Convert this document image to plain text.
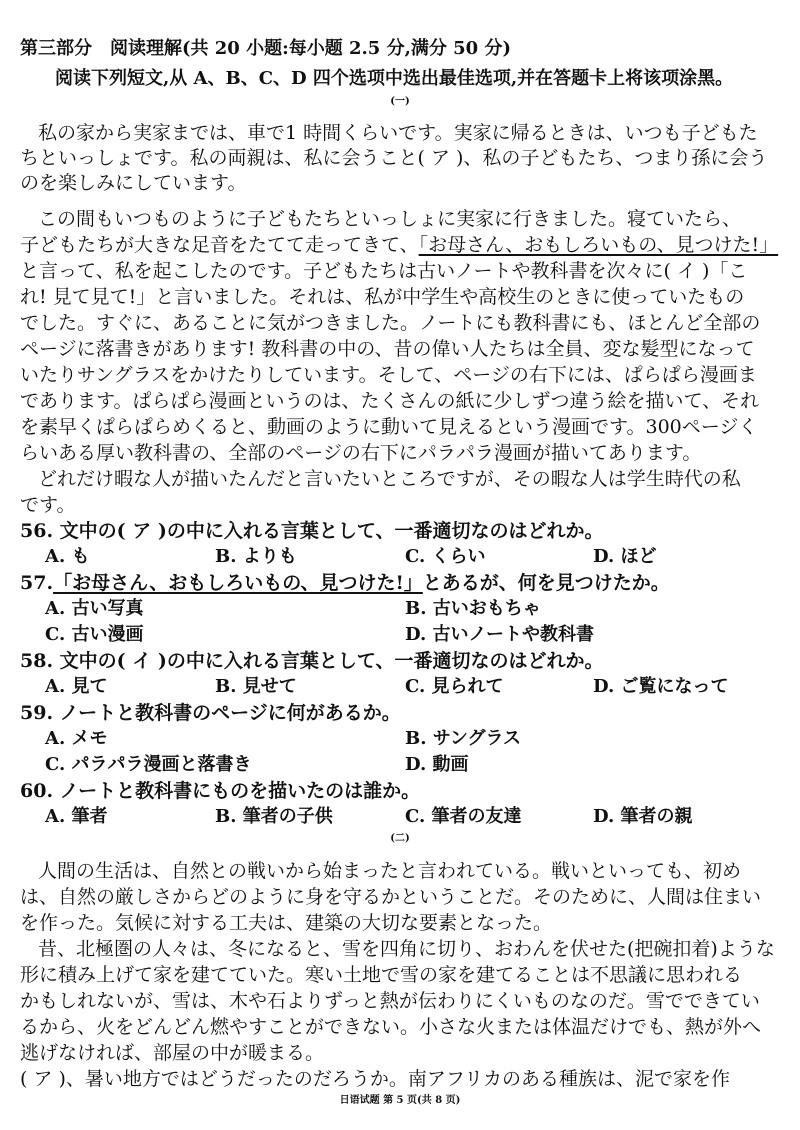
第三部分　阅读理解(共 20 小题:每小题 2.5 分,满分 50 分)
阅读下列短文,从 A、B、C、D 四个选项中选出最佳选项,并在答题卡上将该项涂黑。
(一)
私の家から実家までは、車で1 時間くらいです。実家に帰るときは、いつも子どもた
ちといっしょです。私の両親は、私に会うこと( ア )、私の子どもたち、つまり孫に会う
のを楽しみにしています。
この間もいつものように子どもたちといっしょに実家に行きました。寝ていたら、
子どもたちが大きな足音をたてて走ってきて、「お母さん、おもしろいもの、見つけた!」
と言って、私を起こしたのです。子どもたちは古いノートや教科書を次々に( イ )「こ
れ! 見て見て!」と言いました。それは、私が中学生や高校生のときに使っていたもの
でした。すぐに、あることに気がつきました。ノートにも教科書にも、ほとんど全部の
ページに落書きがあります! 教科書の中の、昔の偉い人たちは全員、変な髪型になって
いたりサングラスをかけたりしています。そして、ページの右下には、ぱらぱら漫画ま
であります。ぱらぱら漫画というのは、たくさんの紙に少しずつ違う絵を描いて、それ
を素早くぱらぱらめくると、動画のように動いて見えるという漫画です。300ページく
らいある厚い教科書の、全部のページの右下にパラパラ漫画が描いてあります。
どれだけ暇な人が描いたんだと言いたいところですが、その暇な人は学生時代の私
です。
56. 文中の( ア )の中に入れる言葉として、一番適切なのはどれか。
A. も	B. よりも	C. くらい	D. ほど
57.「お母さん、おもしろいもの、見つけた!」とあるが、何を見つけたか。
A. 古い写真	B. 古いおもちゃ
C. 古い漫画	D. 古いノートや教科書
58. 文中の( イ )の中に入れる言葉として、一番適切なのはどれか。
A. 見て	B. 見せて	C. 見られて	D. ご覧になって
59. ノートと教科書のページに何があるか。
A. メモ	B. サングラス
C. パラパラ漫画と落書き	D. 動画
60. ノートと教科書にものを描いたのは誰か。
A. 筆者	B. 筆者の子供	C. 筆者の友達	D. 筆者の親
(二)
人間の生活は、自然との戦いから始まったと言われている。戦いといっても、初め
は、自然の厳しさからどのように身を守るかということだ。そのために、人間は住まい
を作った。気候に対する工夫は、建築の大切な要素となった。
昔、北極圏の人々は、冬になると、雪を四角に切り、おわんを伏せた(把碗扣着)ような
形に積み上げて家を建てていた。寒い土地で雪の家を建てることは不思議に思われる
かもしれないが、雪は、木や石よりずっと熱が伝わりにくいものなのだ。雪でできてい
るから、火をどんどん燃やすことができない。小さな火または体温だけでも、熱が外へ
逃げなければ、部屋の中が暖まる。
( ア )、暑い地方ではどうだったのだろうか。南アフリカのある種族は、泥で家を作
日语试题 第 5 页(共 8 页)
